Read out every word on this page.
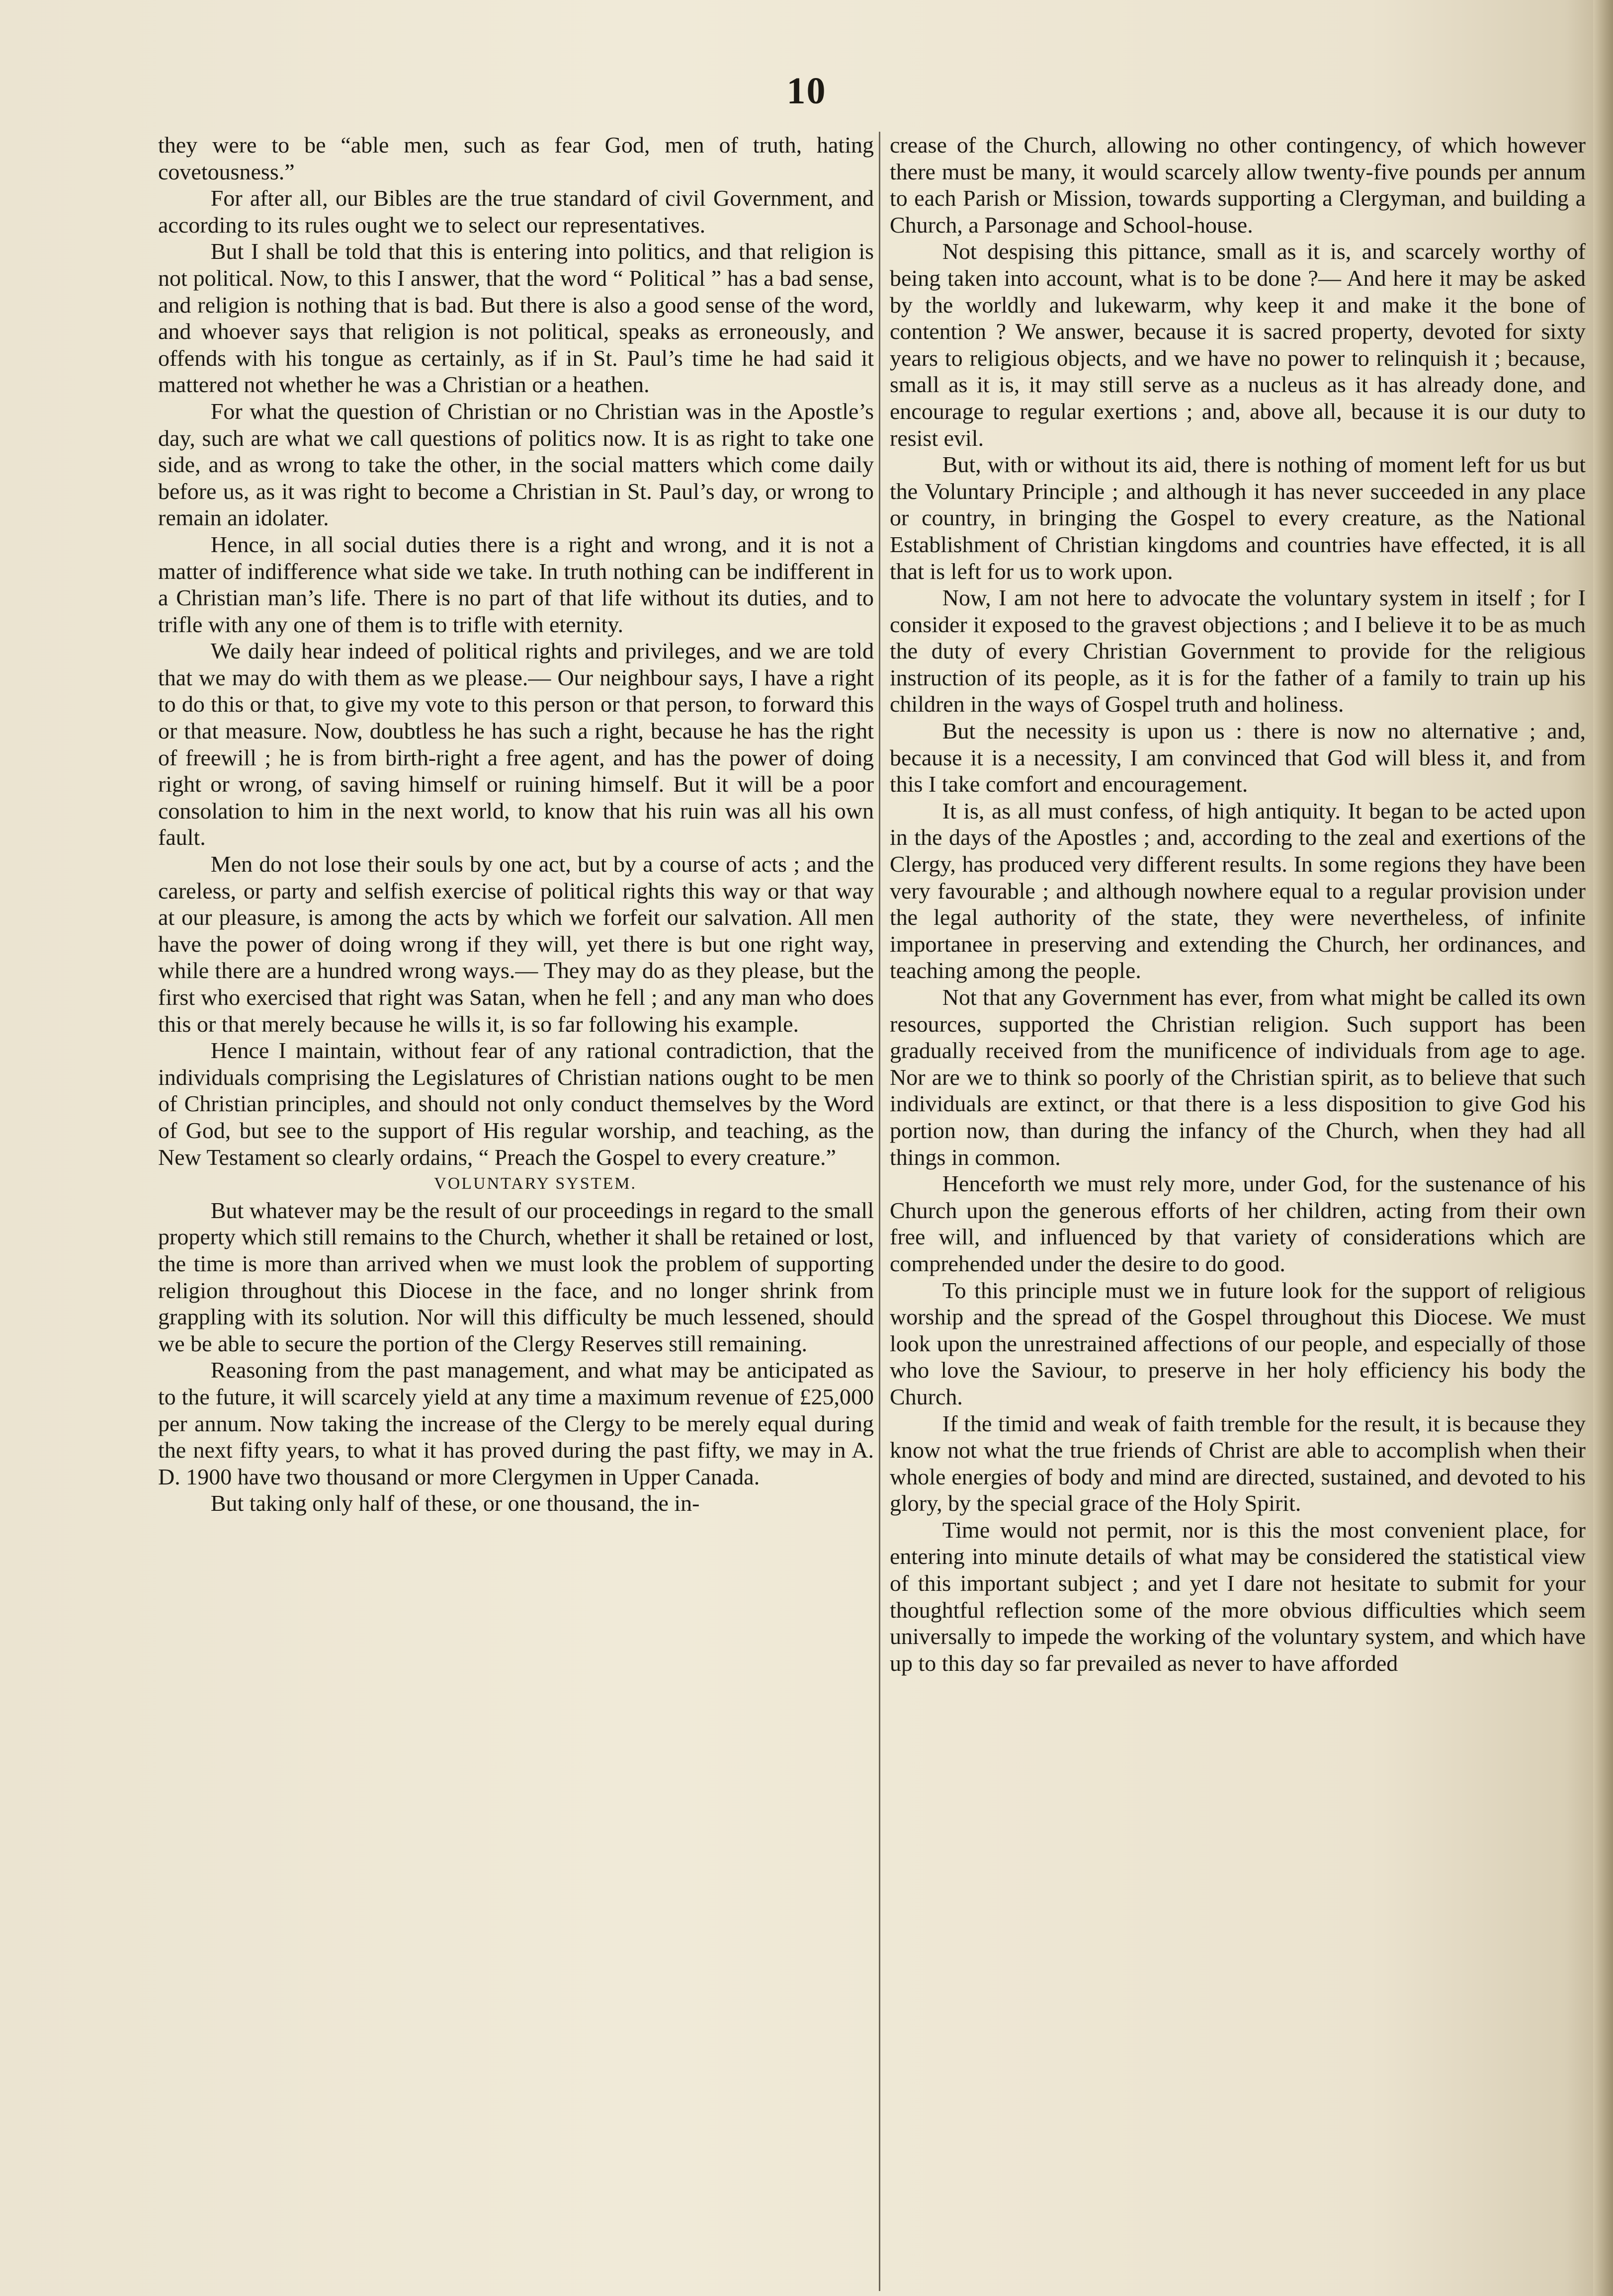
10

they were to be “able men, such as fear God, men of truth, hating covetousness.”

For after all, our Bibles are the true standard of civil Government, and according to its rules ought we to select our representatives.

But I shall be told that this is entering into politics, and that religion is not political. Now, to this I answer, that the word “ Political ” has a bad sense, and religion is nothing that is bad. But there is also a good sense of the word, and whoever says that religion is not political, speaks as erroneously, and offends with his tongue as certainly, as if in St. Paul’s time he had said it mattered not whether he was a Christian or a heathen.

For what the question of Christian or no Christian was in the Apostle’s day, such are what we call questions of politics now. It is as right to take one side, and as wrong to take the other, in the social matters which come daily before us, as it was right to become a Christian in St. Paul’s day, or wrong to remain an idolater.

Hence, in all social duties there is a right and wrong, and it is not a matter of indifference what side we take. In truth nothing can be indifferent in a Christian man’s life. There is no part of that life without its duties, and to trifle with any one of them is to trifle with eternity.

We daily hear indeed of political rights and privileges, and we are told that we may do with them as we please.— Our neighbour says, I have a right to do this or that, to give my vote to this person or that person, to forward this or that measure. Now, doubtless he has such a right, because he has the right of freewill ; he is from birth-right a free agent, and has the power of doing right or wrong, of saving himself or ruining himself. But it will be a poor consolation to him in the next world, to know that his ruin was all his own fault.

Men do not lose their souls by one act, but by a course of acts ; and the careless, or party and selfish exercise of political rights this way or that way at our pleasure, is among the acts by which we forfeit our salvation. All men have the power of doing wrong if they will, yet there is but one right way, while there are a hundred wrong ways.— They may do as they please, but the first who exercised that right was Satan, when he fell ; and any man who does this or that merely because he wills it, is so far following his example.

Hence I maintain, without fear of any rational contradiction, that the individuals comprising the Legislatures of Christian nations ought to be men of Christian principles, and should not only conduct themselves by the Word of God, but see to the support of His regular worship, and teaching, as the New Testament so clearly ordains, “ Preach the Gospel to every creature.”

VOLUNTARY SYSTEM.

But whatever may be the result of our proceedings in regard to the small property which still remains to the Church, whether it shall be retained or lost, the time is more than arrived when we must look the problem of supporting religion throughout this Diocese in the face, and no longer shrink from grappling with its solution. Nor will this difficulty be much lessened, should we be able to secure the portion of the Clergy Reserves still remaining.

Reasoning from the past management, and what may be anticipated as to the future, it will scarcely yield at any time a maximum revenue of £25,000 per annum. Now taking the increase of the Clergy to be merely equal during the next fifty years, to what it has proved during the past fifty, we may in A. D. 1900 have two thousand or more Clergymen in Upper Canada.

But taking only half of these, or one thousand, the in-

crease of the Church, allowing no other contingency, of which however there must be many, it would scarcely allow twenty-five pounds per annum to each Parish or Mission, towards supporting a Clergyman, and building a Church, a Parsonage and School-house.

Not despising this pittance, small as it is, and scarcely worthy of being taken into account, what is to be done ?— And here it may be asked by the worldly and lukewarm, why keep it and make it the bone of contention ? We answer, because it is sacred property, devoted for sixty years to religious objects, and we have no power to relinquish it ; because, small as it is, it may still serve as a nucleus as it has already done, and encourage to regular exertions ; and, above all, because it is our duty to resist evil.

But, with or without its aid, there is nothing of moment left for us but the Voluntary Principle ; and although it has never succeeded in any place or country, in bringing the Gospel to every creature, as the National Establishment of Christian kingdoms and countries have effected, it is all that is left for us to work upon.

Now, I am not here to advocate the voluntary system in itself ; for I consider it exposed to the gravest objections ; and I believe it to be as much the duty of every Christian Government to provide for the religious instruction of its people, as it is for the father of a family to train up his children in the ways of Gospel truth and holiness.

But the necessity is upon us : there is now no alternative ; and, because it is a necessity, I am convinced that God will bless it, and from this I take comfort and encouragement.

It is, as all must confess, of high antiquity. It began to be acted upon in the days of the Apostles ; and, according to the zeal and exertions of the Clergy, has produced very different results. In some regions they have been very favourable ; and although nowhere equal to a regular provision under the legal authority of the state, they were nevertheless, of infinite importanee in preserving and extending the Church, her ordinances, and teaching among the people.

Not that any Government has ever, from what might be called its own resources, supported the Christian religion. Such support has been gradually received from the munificence of individuals from age to age. Nor are we to think so poorly of the Christian spirit, as to believe that such individuals are extinct, or that there is a less disposition to give God his portion now, than during the infancy of the Church, when they had all things in common.

Henceforth we must rely more, under God, for the sustenance of his Church upon the generous efforts of her children, acting from their own free will, and influenced by that variety of considerations which are comprehended under the desire to do good.

To this principle must we in future look for the support of religious worship and the spread of the Gospel throughout this Diocese. We must look upon the unrestrained affections of our people, and especially of those who love the Saviour, to preserve in her holy efficiency his body the Church.

If the timid and weak of faith tremble for the result, it is because they know not what the true friends of Christ are able to accomplish when their whole energies of body and mind are directed, sustained, and devoted to his glory, by the special grace of the Holy Spirit.

Time would not permit, nor is this the most convenient place, for entering into minute details of what may be considered the statistical view of this important subject ; and yet I dare not hesitate to submit for your thoughtful reflection some of the more obvious difficulties which seem universally to impede the working of the voluntary system, and which have up to this day so far prevailed as never to have afforded
